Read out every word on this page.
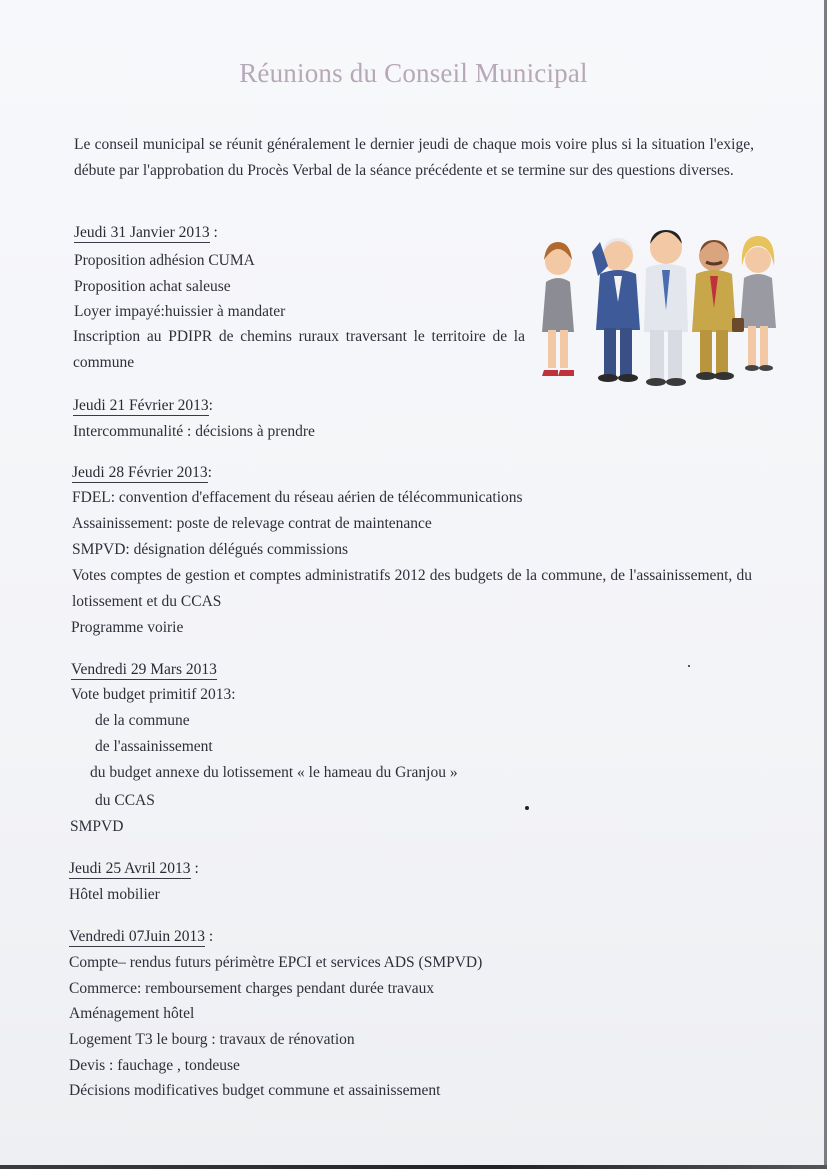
Réunions du Conseil Municipal
Le conseil municipal se réunit généralement le dernier jeudi de chaque mois voire plus si la situation l'exige, débute par l'approbation du Procès Verbal de la séance précédente et se termine sur des questions diverses.
Jeudi 31 Janvier 2013 :
Proposition adhésion CUMA
Proposition achat saleuse
Loyer impayé:huissier à mandater
Inscription au PDIPR de chemins ruraux traversant le territoire de la commune
Jeudi 21 Février 2013:
Intercommunalité : décisions à prendre
Jeudi 28 Février 2013:
FDEL: convention d'effacement du réseau aérien de télécommunications
Assainissement: poste de relevage contrat de maintenance
SMPVD: désignation délégués commissions
Votes comptes de gestion et comptes administratifs 2012 des budgets de la commune, de l'assainissement, du lotissement et du CCAS
Programme voirie
Vendredi 29 Mars 2013
Vote budget primitif 2013:
de la commune
de l'assainissement
du budget annexe du lotissement « le hameau du Granjou »
du CCAS
SMPVD
Jeudi 25 Avril 2013 :
Hôtel mobilier
Vendredi 07Juin 2013 :
Compte– rendus futurs périmètre EPCI et services ADS (SMPVD)
Commerce: remboursement charges pendant durée travaux
Aménagement hôtel
Logement T3 le bourg : travaux de rénovation
Devis : fauchage , tondeuse
Décisions modificatives budget commune et assainissement
